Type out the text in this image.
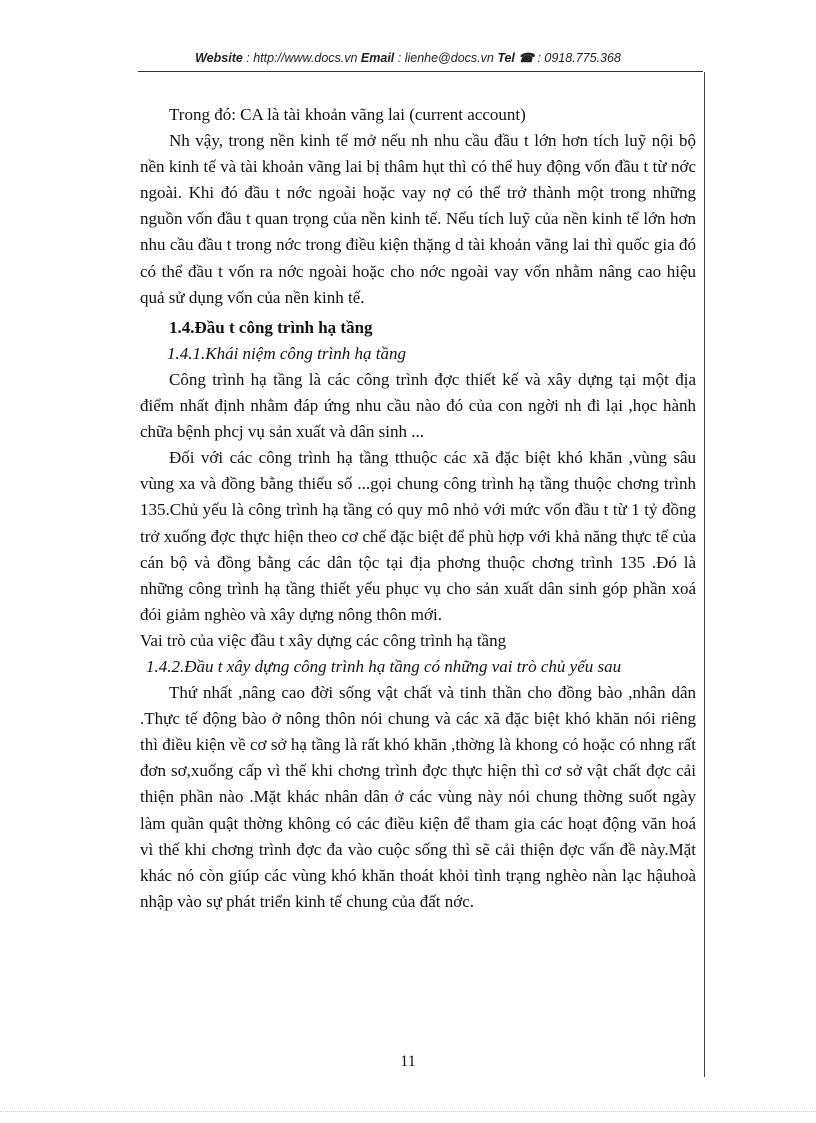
Website : http://www.docs.vn Email : lienhe@docs.vn Tel ☎ : 0918.775.368

Trong đó: CA là tài khoản vãng lai (current account)

Nh vậy, trong nền kinh tế mở nếu nh nhu cầu đầu t lớn hơn tích luỹ nội bộ nền kinh tế và tài khoản vãng lai bị thâm hụt thì có thể huy động vốn đầu t từ nớc ngoài. Khi đó đầu t nớc ngoài hoặc vay nợ có thể trở thành một trong những nguồn vốn đầu t quan trọng của nền kinh tế. Nếu tích luỹ của nền kinh tế lớn hơn nhu cầu đầu t trong nớc trong điều kiện thặng d tài khoản vãng lai thì quốc gia đó có thể đầu t vốn ra nớc ngoài hoặc cho nớc ngoài vay vốn nhằm nâng cao hiệu quả sử dụng vốn của nền kinh tế.

1.4.Đầu t công trình hạ tầng

1.4.1.Khái niệm công trình hạ tầng

Công trình hạ tầng là các công trình đợc thiết kế và xây dựng tại một địa điểm nhất định nhằm đáp ứng nhu cầu nào đó của con ngời nh đi lại ,học hành chữa bệnh phcj vụ sản xuất và dân sinh ...

Đối với các công trình hạ tầng tthuộc các xã đặc biệt khó khăn ,vùng sâu vùng xa và đồng bằng thiểu số ...gọi chung công trình hạ tầng thuộc chơng trình 135.Chủ yếu là công trình hạ tầng có quy mô nhỏ với mức vốn đầu t từ 1 tỷ đồng trở xuống đợc thực hiện theo cơ chế đặc biệt để phù hợp với khả năng thực tế của cán bộ và đồng bằng các dân tộc tại địa phơng thuộc chơng trình 135 .Đó là những công trình hạ tầng thiết yếu phục vụ cho sản xuất dân sinh góp phần xoá đói giảm nghèo và xây dựng nông thôn mới.

Vai trò của việc đầu t xây dựng các công trình hạ tầng

1.4.2.Đầu t xây dựng công trình hạ tầng có những vai trò chủ yếu sau

Thứ nhất ,nâng cao đời sống vật chất và tinh thần cho đồng bào ,nhân dân .Thực tế động bào ở nông thôn nói chung và các xã đặc biệt khó khăn nói riêng thì điều kiện về cơ sở hạ tầng là rất khó khăn ,thờng là khong có hoặc có nhng rất đơn sơ,xuống cấp vì thế khi chơng trình đợc thực hiện thì cơ sở vật chất đợc cải thiện phần nào .Mặt khác nhân dân ở các vùng này nói chung thờng suốt ngày làm quần quật thờng không có các điều kiện để tham gia các hoạt động văn hoá vì thế khi chơng trình đợc đa vào cuộc sống thì sẽ cải thiện đợc vấn đề này.Mặt khác nó còn giúp các vùng khó khăn thoát khỏi tình trạng nghèo nàn lạc hậuhoà nhập vào sự phát triển kinh tế chung của đất nớc.

11
